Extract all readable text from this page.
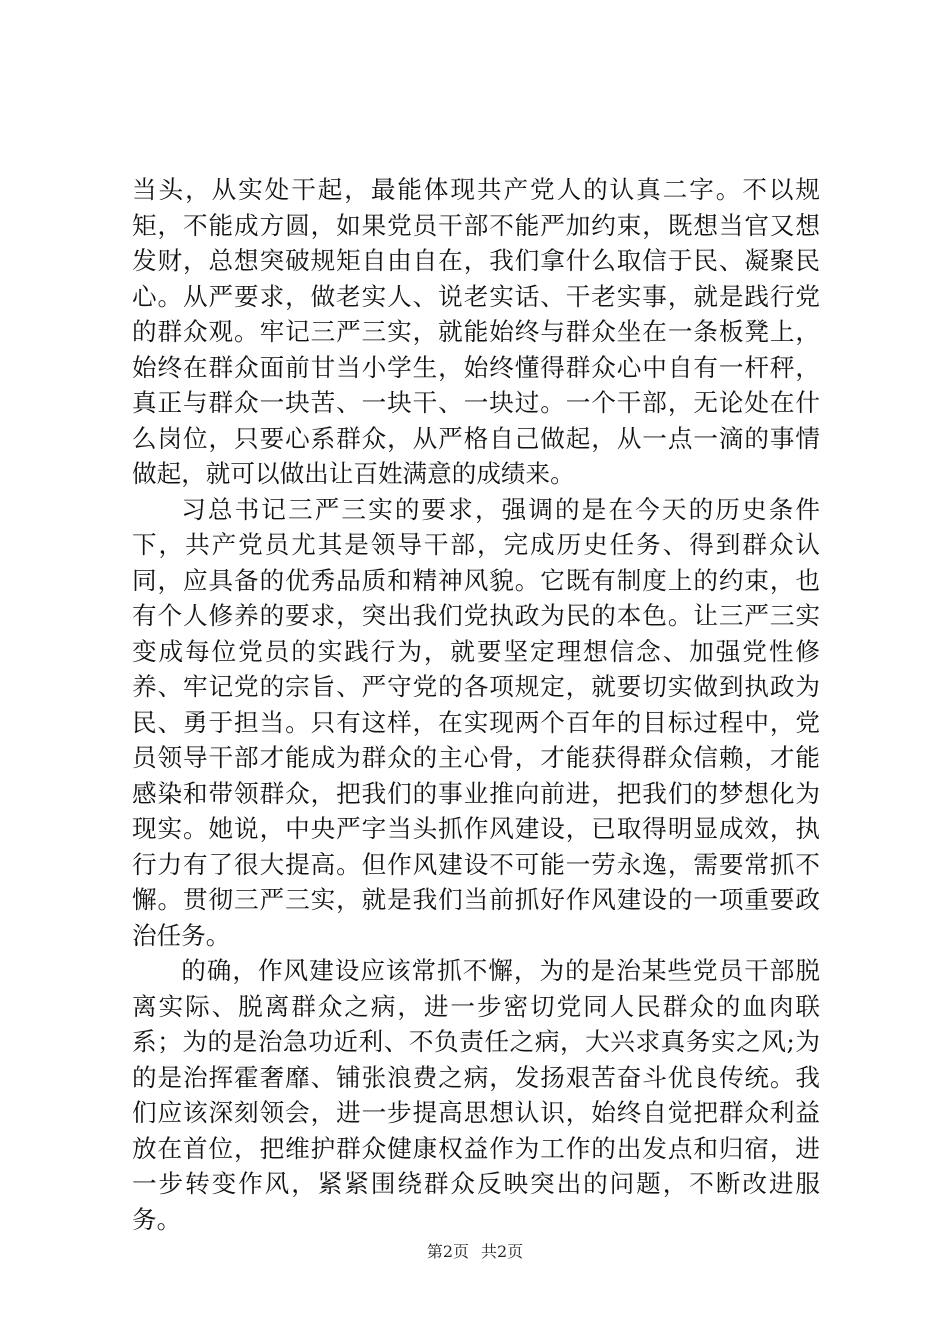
当头，从实处干起，最能体现共产党人的认真二字。不以规矩，不能成方圆，如果党员干部不能严加约束，既想当官又想发财，总想突破规矩自由自在，我们拿什么取信于民、凝聚民心。从严要求，做老实人、说老实话、干老实事，就是践行党的群众观。牢记三严三实，就能始终与群众坐在一条板凳上，始终在群众面前甘当小学生，始终懂得群众心中自有一杆秤，真正与群众一块苦、一块干、一块过。一个干部，无论处在什么岗位，只要心系群众，从严格自己做起，从一点一滴的事情做起，就可以做出让百姓满意的成绩来。

习总书记三严三实的要求，强调的是在今天的历史条件下，共产党员尤其是领导干部，完成历史任务、得到群众认同，应具备的优秀品质和精神风貌。它既有制度上的约束，也有个人修养的要求，突出我们党执政为民的本色。让三严三实变成每位党员的实践行为，就要坚定理想信念、加强党性修养、牢记党的宗旨、严守党的各项规定，就要切实做到执政为民、勇于担当。只有这样，在实现两个百年的目标过程中，党员领导干部才能成为群众的主心骨，才能获得群众信赖，才能感染和带领群众，把我们的事业推向前进，把我们的梦想化为现实。她说，中央严字当头抓作风建设，已取得明显成效，执行力有了很大提高。但作风建设不可能一劳永逸，需要常抓不懈。贯彻三严三实，就是我们当前抓好作风建设的一项重要政治任务。

的确，作风建设应该常抓不懈，为的是治某些党员干部脱离实际、脱离群众之病，进一步密切党同人民群众的血肉联系；为的是治急功近利、不负责任之病，大兴求真务实之风;为的是治挥霍奢靡、铺张浪费之病，发扬艰苦奋斗优良传统。我们应该深刻领会，进一步提高思想认识，始终自觉把群众利益放在首位，把维护群众健康权益作为工作的出发点和归宿，进一步转变作风，紧紧围绕群众反映突出的问题，不断改进服务。

第2页 共2页
